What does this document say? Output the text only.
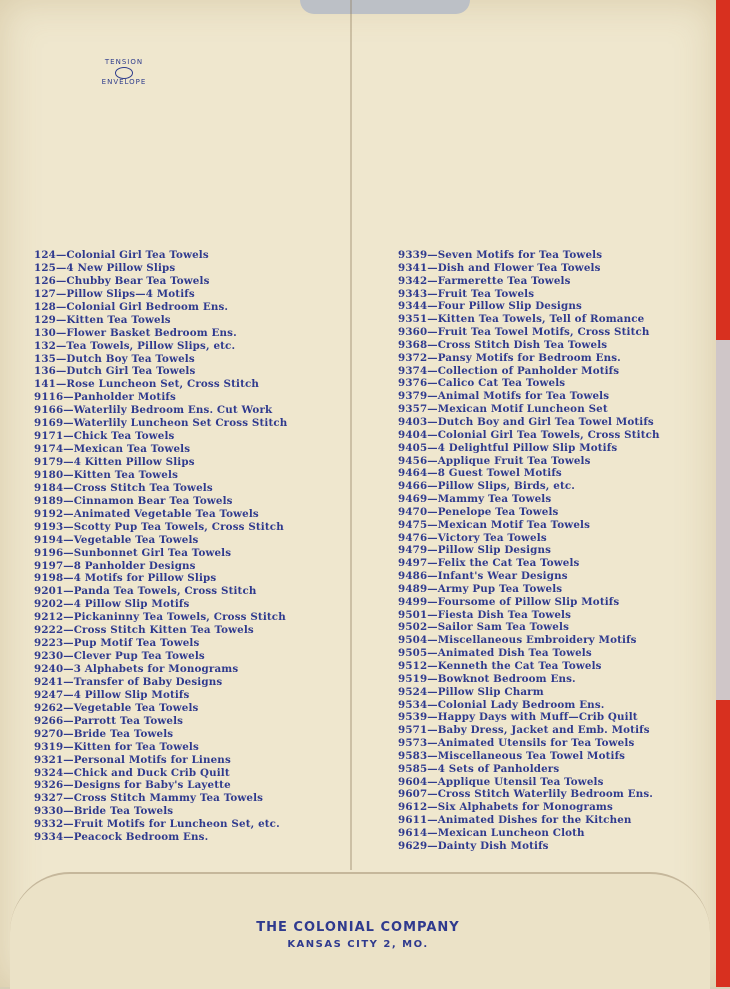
TENSION
ENVELOPE
124—Colonial Girl Tea Towels
125—4 New Pillow Slips
126—Chubby Bear Tea Towels
127—Pillow Slips—4 Motifs
128—Colonial Girl Bedroom Ens.
129—Kitten Tea Towels
130—Flower Basket Bedroom Ens.
132—Tea Towels, Pillow Slips, etc.
135—Dutch Boy Tea Towels
136—Dutch Girl Tea Towels
141—Rose Luncheon Set, Cross Stitch
9116—Panholder Motifs
9166—Waterlily Bedroom Ens. Cut Work
9169—Waterlily Luncheon Set Cross Stitch
9171—Chick Tea Towels
9174—Mexican Tea Towels
9179—4 Kitten Pillow Slips
9180—Kitten Tea Towels
9184—Cross Stitch Tea Towels
9189—Cinnamon Bear Tea Towels
9192—Animated Vegetable Tea Towels
9193—Scotty Pup Tea Towels, Cross Stitch
9194—Vegetable Tea Towels
9196—Sunbonnet Girl Tea Towels
9197—8 Panholder Designs
9198—4 Motifs for Pillow Slips
9201—Panda Tea Towels, Cross Stitch
9202—4 Pillow Slip Motifs
9212—Pickaninny Tea Towels, Cross Stitch
9222—Cross Stitch Kitten Tea Towels
9223—Pup Motif Tea Towels
9230—Clever Pup Tea Towels
9240—3 Alphabets for Monograms
9241—Transfer of Baby Designs
9247—4 Pillow Slip Motifs
9262—Vegetable Tea Towels
9266—Parrott Tea Towels
9270—Bride Tea Towels
9319—Kitten for Tea Towels
9321—Personal Motifs for Linens
9324—Chick and Duck Crib Quilt
9326—Designs for Baby's Layette
9327—Cross Stitch Mammy Tea Towels
9330—Bride Tea Towels
9332—Fruit Motifs for Luncheon Set, etc.
9334—Peacock Bedroom Ens.
9339—Seven Motifs for Tea Towels
9341—Dish and Flower Tea Towels
9342—Farmerette Tea Towels
9343—Fruit Tea Towels
9344—Four Pillow Slip Designs
9351—Kitten Tea Towels, Tell of Romance
9360—Fruit Tea Towel Motifs, Cross Stitch
9368—Cross Stitch Dish Tea Towels
9372—Pansy Motifs for Bedroom Ens.
9374—Collection of Panholder Motifs
9376—Calico Cat Tea Towels
9379—Animal Motifs for Tea Towels
9357—Mexican Motif Luncheon Set
9403—Dutch Boy and Girl Tea Towel Motifs
9404—Colonial Girl Tea Towels, Cross Stitch
9405—4 Delightful Pillow Slip Motifs
9456—Applique Fruit Tea Towels
9464—8 Guest Towel Motifs
9466—Pillow Slips, Birds, etc.
9469—Mammy Tea Towels
9470—Penelope Tea Towels
9475—Mexican Motif Tea Towels
9476—Victory Tea Towels
9479—Pillow Slip Designs
9497—Felix the Cat Tea Towels
9486—Infant's Wear Designs
9489—Army Pup Tea Towels
9499—Foursome of Pillow Slip Motifs
9501—Fiesta Dish Tea Towels
9502—Sailor Sam Tea Towels
9504—Miscellaneous Embroidery Motifs
9505—Animated Dish Tea Towels
9512—Kenneth the Cat Tea Towels
9519—Bowknot Bedroom Ens.
9524—Pillow Slip Charm
9534—Colonial Lady Bedroom Ens.
9539—Happy Days with Muff—Crib Quilt
9571—Baby Dress, Jacket and Emb. Motifs
9573—Animated Utensils for Tea Towels
9583—Miscellaneous Tea Towel Motifs
9585—4 Sets of Panholders
9604—Applique Utensil Tea Towels
9607—Cross Stitch Waterlily Bedroom Ens.
9612—Six Alphabets for Monograms
9611—Animated Dishes for the Kitchen
9614—Mexican Luncheon Cloth
9629—Dainty Dish Motifs
THE COLONIAL COMPANY
KANSAS CITY 2, MO.
